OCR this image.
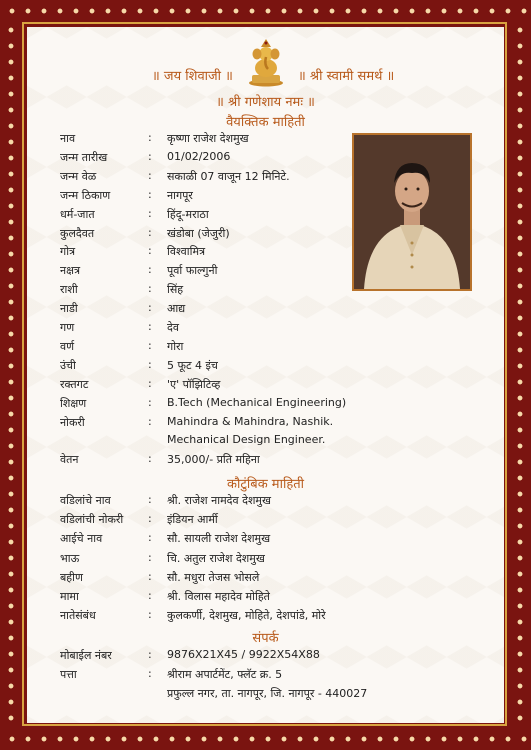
॥ जय शिवाजी ॥	॥ श्री स्वामी समर्थ ॥
॥ श्री गणेशाय नमः ॥
वैयक्तिक माहिती
नाव	: कृष्णा राजेश देशमुख
जन्म तारीख	: 01/02/2006
जन्म वेळ	: सकाळी 07 वाजून 12 मिनिटे.
जन्म ठिकाण	: नागपूर
धर्म-जात	: हिंदू-मराठा
कुलदैवत	: खंडोबा (जेजुरी)
गोत्र	: विश्वामित्र
नक्षत्र	: पूर्वा फाल्गुनी
राशी	: सिंह
नाडी	: आद्य
गण	: देव
वर्ण	: गोरा
उंची	: 5 फूट 4 इंच
रक्तगट	: 'ए' पॉझिटिव्ह
शिक्षण	: B.Tech (Mechanical Engineering)
नोकरी	: Mahindra & Mahindra, Nashik.
Mechanical Design Engineer.
वेतन	: 35,000/- प्रति महिना
कौटुंबिक माहिती
वडिलांचे नाव	: श्री. राजेश नामदेव देशमुख
वडिलांची नोकरी : इंडियन आर्मी
आईचे नाव	: सौ. सायली राजेश देशमुख
भाऊ	: चि. अतुल राजेश देशमुख
बहीण	: सौ. मधुरा तेजस भोसले
मामा	: श्री. विलास महादेव मोहिते
नातेसंबंध	: कुलकर्णी, देशमुख, मोहिते, देशपांडे, मोरे
संपर्क
मोबाईल नंबर	: 9876X21X45 / 9922X54X88
पत्ता	: श्रीराम अपार्टमेंट, फ्लॅट क्र. 5
प्रफुल्ल नगर, ता. नागपूर, जि. नागपूर - 440027
